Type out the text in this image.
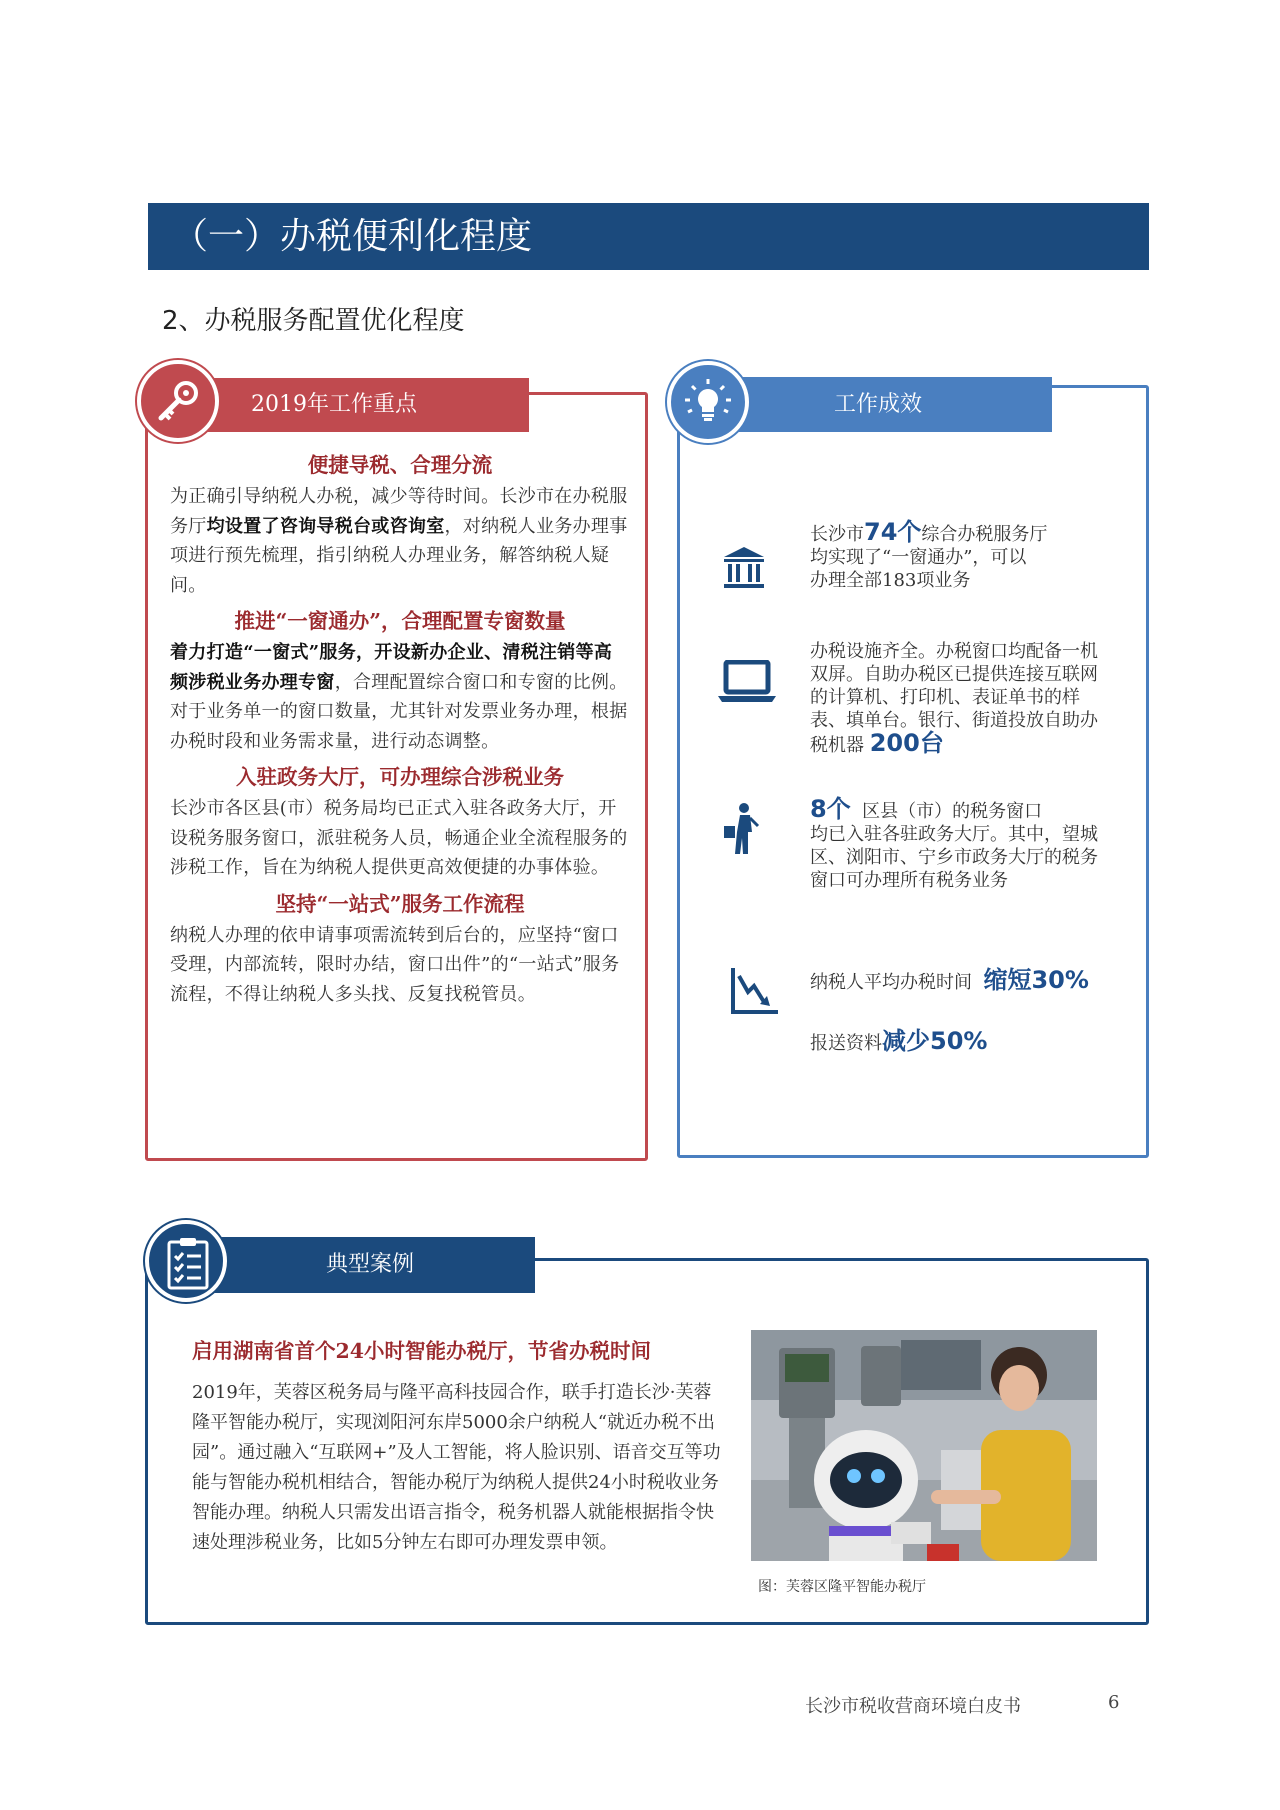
（一）办税便利化程度
2、办税服务配置优化程度
2019年工作重点
便捷导税、合理分流
为正确引导纳税人办税，减少等待时间。长沙市在办税服务厅均设置了咨询导税台或咨询室，对纳税人业务办理事项进行预先梳理，指引纳税人办理业务，解答纳税人疑问。
推进“一窗通办”，合理配置专窗数量
着力打造“一窗式”服务，开设新办企业、清税注销等高频涉税业务办理专窗，合理配置综合窗口和专窗的比例。对于业务单一的窗口数量，尤其针对发票业务办理，根据办税时段和业务需求量，进行动态调整。
入驻政务大厅，可办理综合涉税业务
长沙市各区县(市）税务局均已正式入驻各政务大厅，开设税务服务窗口，派驻税务人员，畅通企业全流程服务的涉税工作，旨在为纳税人提供更高效便捷的办事体验。
坚持“一站式”服务工作流程
纳税人办理的依申请事项需流转到后台的，应坚持“窗口受理，内部流转，限时办结，窗口出件”的“一站式”服务流程，不得让纳税人多头找、反复找税管员。
工作成效
长沙市74个综合办税服务厅
均实现了“一窗通办”，可以
办理全部183项业务
办税设施齐全。办税窗口均配备一机双屏。自助办税区已提供连接互联网的计算机、打印机、表证单书的样表、填单台。银行、街道投放自助办税机器 200台
8个 区县（市）的税务窗口
均已入驻各驻政务大厅。其中，望城区、浏阳市、宁乡市政务大厅的税务窗口可办理所有税务业务
纳税人平均办税时间 缩短30%
报送资料减少50%
典型案例
启用湖南省首个24小时智能办税厅，节省办税时间
2019年，芙蓉区税务局与隆平高科技园合作，联手打造长沙·芙蓉隆平智能办税厅，实现浏阳河东岸5000余户纳税人“就近办税不出园”。通过融入“互联网+”及人工智能，将人脸识别、语音交互等功能与智能办税机相结合，智能办税厅为纳税人提供24小时税收业务智能办理。纳税人只需发出语言指令，税务机器人就能根据指令快速处理涉税业务，比如5分钟左右即可办理发票申领。
图：芙蓉区隆平智能办税厅
长沙市税收营商环境白皮书	6
